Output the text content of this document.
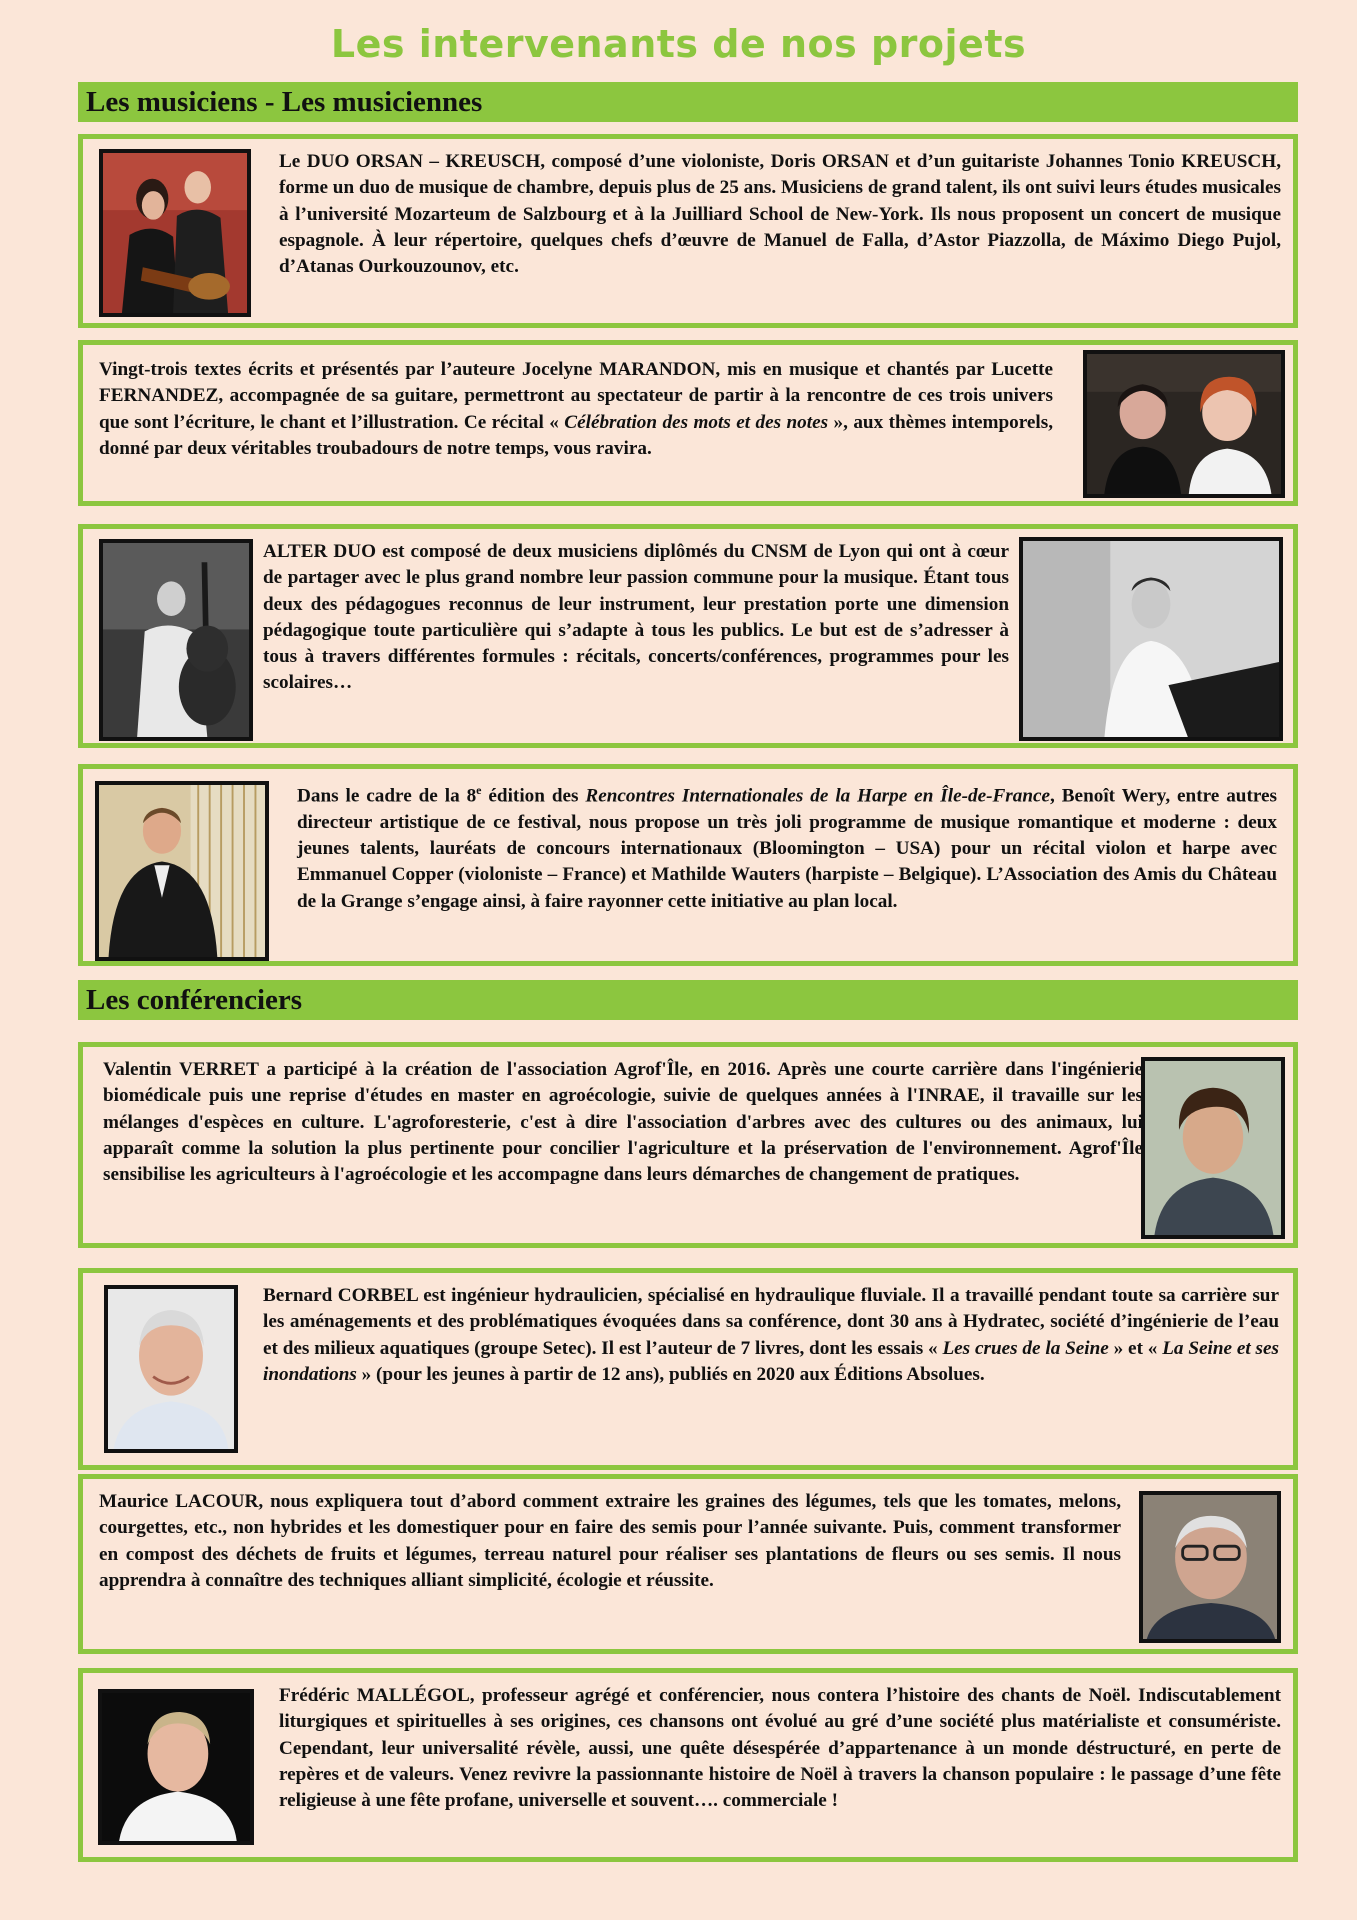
Les intervenants de nos projets
Les musiciens - Les musiciennes

Le DUO ORSAN – KREUSCH, composé d’une violoniste, Doris ORSAN et d’un guitariste Johannes Tonio KREUSCH, forme un duo de musique de chambre, depuis plus de 25 ans. Musiciens de grand talent, ils ont suivi leurs études musicales à l’université Mozarteum de Salzbourg et à la Juilliard School de New-York. Ils nous proposent un concert de musique espagnole. À leur répertoire, quelques chefs d’œuvre de Manuel de Falla, d’Astor Piazzolla, de Máximo Diego Pujol, d’Atanas Ourkouzounov, etc.

Vingt-trois textes écrits et présentés par l’auteure Jocelyne MARANDON, mis en musique et chantés par Lucette FERNANDEZ, accompagnée de sa guitare, permettront au spectateur de partir à la rencontre de ces trois univers que sont l’écriture, le chant et l’illustration. Ce récital « Célébration des mots et des notes », aux thèmes intemporels, donné par deux véritables troubadours de notre temps, vous ravira.

ALTER DUO est composé de deux musiciens diplômés du CNSM de Lyon qui ont à cœur de partager avec le plus grand nombre leur passion commune pour la musique. Étant tous deux des pédagogues reconnus de leur instrument, leur prestation porte une dimension pédagogique toute particulière qui s’adapte à tous les publics. Le but est de s’adresser à tous à travers différentes formules : récitals, concerts/conférences, programmes pour les scolaires…

Dans le cadre de la 8e édition des Rencontres Internationales de la Harpe en Île-de-France, Benoît Wery, entre autres directeur artistique de ce festival, nous propose un très joli programme de musique romantique et moderne : deux jeunes talents, lauréats de concours internationaux (Bloomington – USA) pour un récital violon et harpe avec Emmanuel Copper (violoniste – France) et Mathilde Wauters (harpiste – Belgique). L’Association des Amis du Château de la Grange s’engage ainsi, à faire rayonner cette initiative au plan local.

Les conférenciers

Valentin VERRET a participé à la création de l'association Agrof'Île, en 2016. Après une courte carrière dans l'ingénierie biomédicale puis une reprise d'études en master en agroécologie, suivie de quelques années à l'INRAE, il travaille sur les mélanges d'espèces en culture. L'agroforesterie, c'est à dire l'association d'arbres avec des cultures ou des animaux, lui apparaît comme la solution la plus pertinente pour concilier l'agriculture et la préservation de l'environnement. Agrof'Île sensibilise les agriculteurs à l'agroécologie et les accompagne dans leurs démarches de changement de pratiques.

Bernard CORBEL est ingénieur hydraulicien, spécialisé en hydraulique fluviale. Il a travaillé pendant toute sa carrière sur les aménagements et des problématiques évoquées dans sa conférence, dont 30 ans à Hydratec, société d’ingénierie de l’eau et des milieux aquatiques (groupe Setec). Il est l’auteur de 7 livres, dont les essais « Les crues de la Seine » et « La Seine et ses inondations » (pour les jeunes à partir de 12 ans), publiés en 2020 aux Éditions Absolues.

Maurice LACOUR, nous expliquera tout d’abord comment extraire les graines des légumes, tels que les tomates, melons, courgettes, etc., non hybrides et les domestiquer pour en faire des semis pour l’année suivante. Puis, comment transformer en compost des déchets de fruits et légumes, terreau naturel pour réaliser ses plantations de fleurs ou ses semis. Il nous apprendra à connaître des techniques alliant simplicité, écologie et réussite.

Frédéric MALLÉGOL, professeur agrégé et conférencier, nous contera l’histoire des chants de Noël. Indiscutablement liturgiques et spirituelles à ses origines, ces chansons ont évolué au gré d’une société plus matérialiste et consumériste. Cependant, leur universalité révèle, aussi, une quête désespérée d’appartenance à un monde déstructuré, en perte de repères et de valeurs. Venez revivre la passionnante histoire de Noël à travers la chanson populaire : le passage d’une fête religieuse à une fête profane, universelle et souvent…. commerciale !
